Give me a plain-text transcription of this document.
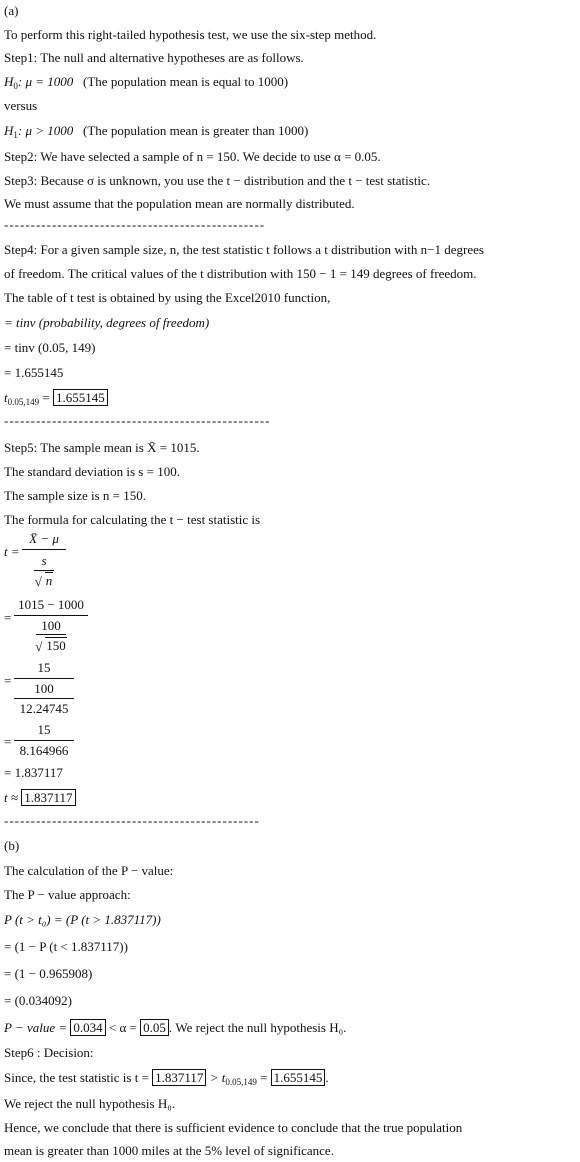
(a)
To perform this right-tailed hypothesis test, we use the six-step method.
Step1: The null and alternative hypotheses are as follows.
$H_0$: μ = 1000 (The population mean is equal to 1000)
versus
$H_1$: μ > 1000 (The population mean is greater than 1000)
Step2: We have selected a sample of n = 150. We decide to use α = 0.05.
Step3: Because σ is unknown, you use the t − distribution and the t − test statistic.
We must assume that the population mean are normally distributed.
-------------------------------------------------
Step4: For a given sample size, n, the test statistic t follows a t distribution with n−1 degrees
of freedom. The critical values of the t distribution with 150 − 1 = 149 degrees of freedom.
The table of t test is obtained by using the Excel2010 function,
= tinv (probability, degrees of freedom)
= tinv (0.05, 149)
= 1.655145
$t_{0.05,149} = 1.655145$
--------------------------------------------------
Step5: The sample mean is X̄ = 1015.
The standard deviation is s = 100.
The sample size is n = 150.
The formula for calculating the t − test statistic is
t =
X̄ − μ
s
√ n
=
1015 − 1000
100
√ 150
=
15
100
12.24745
=
15
8.164966
= 1.837117
t ≈ 1.837117
------------------------------------------------
(b)
The calculation of the P − value:
The P − value approach:
P (t > t₀) = (P (t > 1.837117))
= (1 − P (t < 1.837117))
= (1 − 0.965908)
= (0.034092)
P − value = 0.034 < α = 0.05 . We reject the null hypothesis H₀.
Step6 : Decision:
Since, the test statistic is $t = 1.837117 > t_{0.05,149} = 1.655145$ .
We reject the null hypothesis H₀.
Hence, we conclude that there is sufficient evidence to conclude that the true population
mean is greater than 1000 miles at the 5% level of significance.
